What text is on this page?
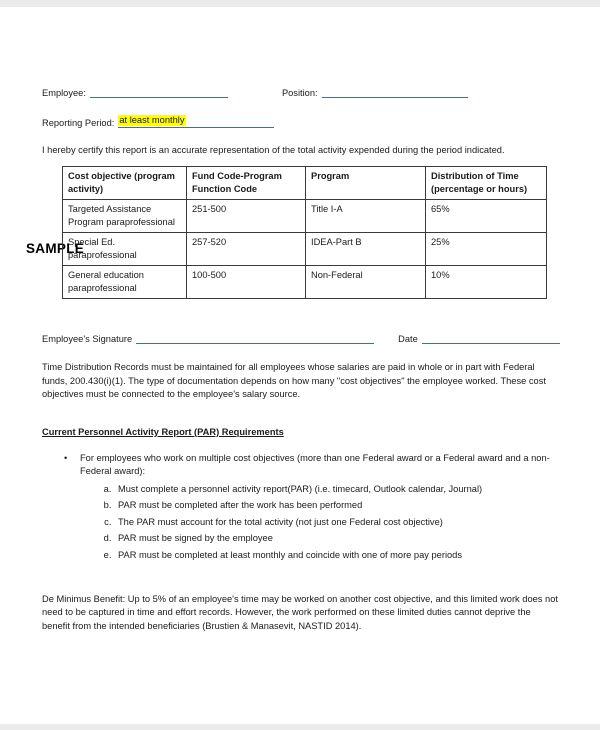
SAMPLE
Employee:	Position:
Reporting Period: at least monthly
I hereby certify this report is an accurate representation of the total activity expended during the period indicated.
Cost objective (program activity)	Fund Code-Program Function Code	Program	Distribution of Time (percentage or hours)
Targeted Assistance Program paraprofessional	251-500	Title I-A	65%
Special Ed. paraprofessional	257-520	IDEA-Part B	25%
General education paraprofessional	100-500	Non-Federal	10%
Employee's Signature	Date
Time Distribution Records must be maintained for all employees whose salaries are paid in whole or in part with Federal funds, 200.430(i)(1). The type of documentation depends on how many "cost objectives" the employee worked. These cost objectives must be connected to the employee's salary source.
Current Personnel Activity Report (PAR) Requirements
• For employees who work on multiple cost objectives (more than one Federal award or a Federal award and a non-Federal award):
a. Must complete a personnel activity report(PAR) (i.e. timecard, Outlook calendar, Journal)
b. PAR must be completed after the work has been performed
c. The PAR must account for the total activity (not just one Federal cost objective)
d. PAR must be signed by the employee
e. PAR must be completed at least monthly and coincide with one of more pay periods
De Minimus Benefit: Up to 5% of an employee's time may be worked on another cost objective, and this limited work does not need to be captured in time and effort records. However, the work performed on these limited duties cannot deprive the benefit from the intended beneficiaries (Brustien & Manasevit, NASTID 2014).
